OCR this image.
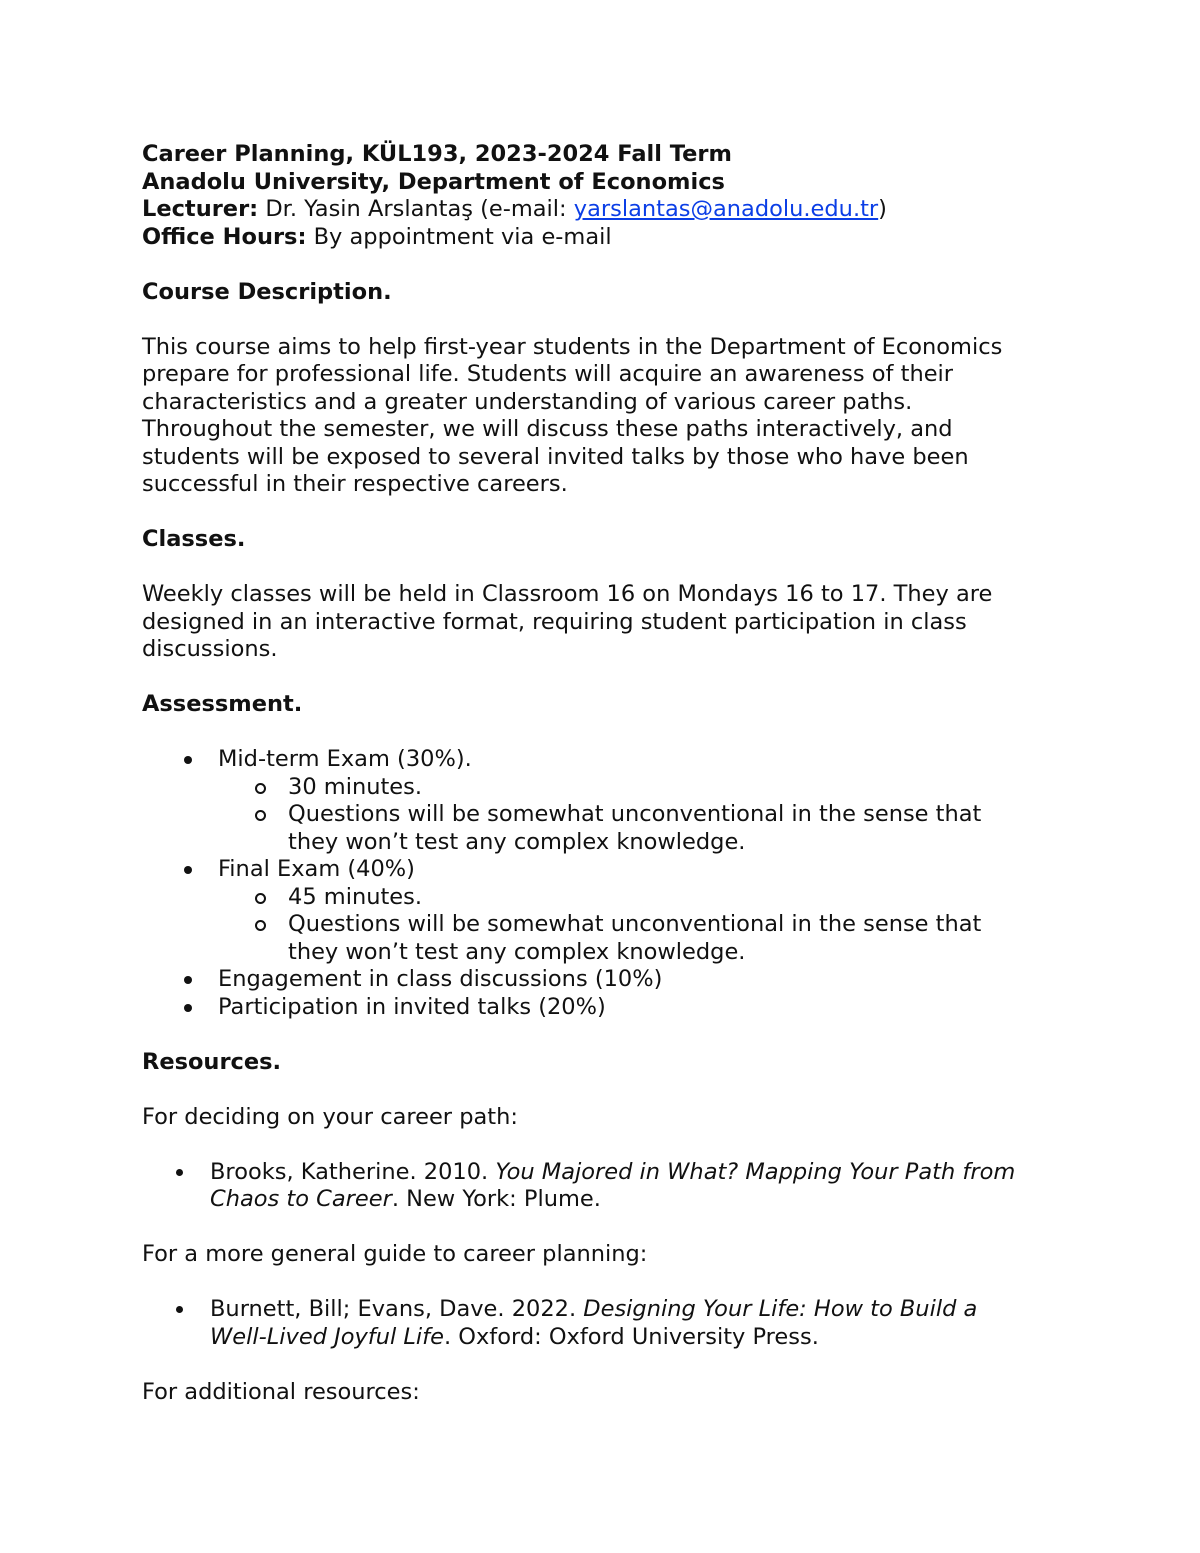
Career Planning, KÜL193, 2023-2024 Fall Term
Anadolu University, Department of Economics
Lecturer: Dr. Yasin Arslantaş (e-mail: yarslantas@anadolu.edu.tr)
Office Hours: By appointment via e-mail
Course Description.

This course aims to help first-year students in the Department of Economics
prepare for professional life. Students will acquire an awareness of their
characteristics and a greater understanding of various career paths.
Throughout the semester, we will discuss these paths interactively, and
students will be exposed to several invited talks by those who have been
successful in their respective careers.

Classes.

Weekly classes will be held in Classroom 16 on Mondays 16 to 17. They are
designed in an interactive format, requiring student participation in class
discussions.

Assessment.
Mid-term Exam (30%).
30 minutes.
Questions will be somewhat unconventional in the sense that
they won’t test any complex knowledge.
Final Exam (40%)
45 minutes.
Questions will be somewhat unconventional in the sense that
they won’t test any complex knowledge.
Engagement in class discussions (10%)
Participation in invited talks (20%)
Resources.
For deciding on your career path:
Brooks, Katherine. 2010. You Majored in What? Mapping Your Path from
Chaos to Career. New York: Plume.
For a more general guide to career planning:
Burnett, Bill; Evans, Dave. 2022. Designing Your Life: How to Build a
Well-Lived Joyful Life. Oxford: Oxford University Press.
For additional resources:
